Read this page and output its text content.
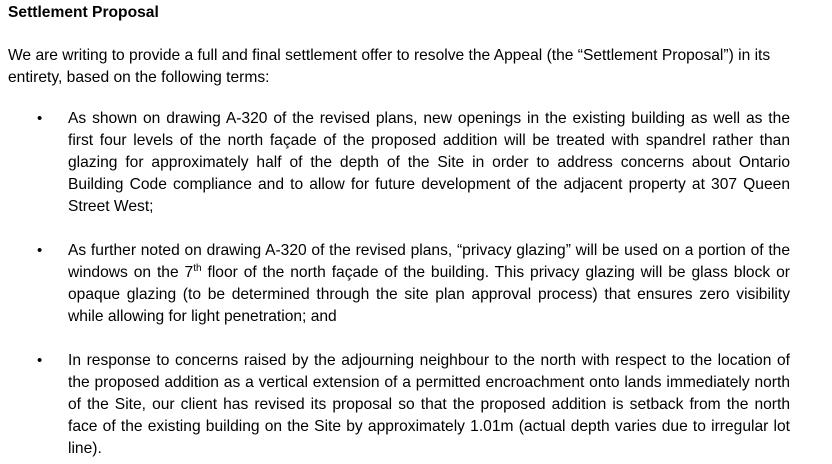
Settlement Proposal

We are writing to provide a full and final settlement offer to resolve the Appeal (the “Settlement Proposal”) in its entirety, based on the following terms:

• As shown on drawing A-320 of the revised plans, new openings in the existing building as well as the first four levels of the north façade of the proposed addition will be treated with spandrel rather than glazing for approximately half of the depth of the Site in order to address concerns about Ontario Building Code compliance and to allow for future development of the adjacent property at 307 Queen Street West;
• As further noted on drawing A-320 of the revised plans, “privacy glazing” will be used on a portion of the windows on the 7th floor of the north façade of the building. This privacy glazing will be glass block or opaque glazing (to be determined through the site plan approval process) that ensures zero visibility while allowing for light penetration; and
• In response to concerns raised by the adjourning neighbour to the north with respect to the location of the proposed addition as a vertical extension of a permitted encroachment onto lands immediately north of the Site, our client has revised its proposal so that the proposed addition is setback from the north face of the existing building on the Site by approximately 1.01m (actual depth varies due to irregular lot line).
